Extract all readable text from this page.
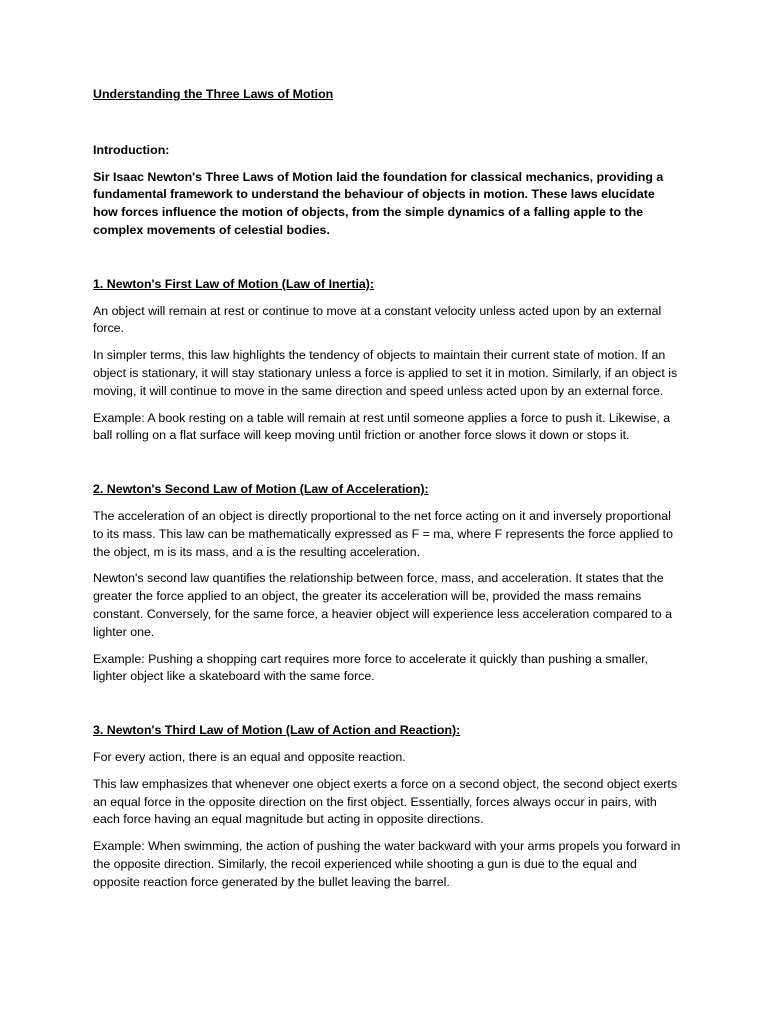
Understanding the Three Laws of Motion

Introduction:

Sir Isaac Newton's Three Laws of Motion laid the foundation for classical mechanics, providing a fundamental framework to understand the behaviour of objects in motion. These laws elucidate how forces influence the motion of objects, from the simple dynamics of a falling apple to the complex movements of celestial bodies.

1. Newton's First Law of Motion (Law of Inertia):

An object will remain at rest or continue to move at a constant velocity unless acted upon by an external force.

In simpler terms, this law highlights the tendency of objects to maintain their current state of motion. If an object is stationary, it will stay stationary unless a force is applied to set it in motion. Similarly, if an object is moving, it will continue to move in the same direction and speed unless acted upon by an external force.

Example: A book resting on a table will remain at rest until someone applies a force to push it. Likewise, a ball rolling on a flat surface will keep moving until friction or another force slows it down or stops it.

2. Newton's Second Law of Motion (Law of Acceleration):

The acceleration of an object is directly proportional to the net force acting on it and inversely proportional to its mass. This law can be mathematically expressed as F = ma, where F represents the force applied to the object, m is its mass, and a is the resulting acceleration.

Newton's second law quantifies the relationship between force, mass, and acceleration. It states that the greater the force applied to an object, the greater its acceleration will be, provided the mass remains constant. Conversely, for the same force, a heavier object will experience less acceleration compared to a lighter one.

Example: Pushing a shopping cart requires more force to accelerate it quickly than pushing a smaller, lighter object like a skateboard with the same force.

3. Newton's Third Law of Motion (Law of Action and Reaction):

For every action, there is an equal and opposite reaction.

This law emphasizes that whenever one object exerts a force on a second object, the second object exerts an equal force in the opposite direction on the first object. Essentially, forces always occur in pairs, with each force having an equal magnitude but acting in opposite directions.

Example: When swimming, the action of pushing the water backward with your arms propels you forward in the opposite direction. Similarly, the recoil experienced while shooting a gun is due to the equal and opposite reaction force generated by the bullet leaving the barrel.
